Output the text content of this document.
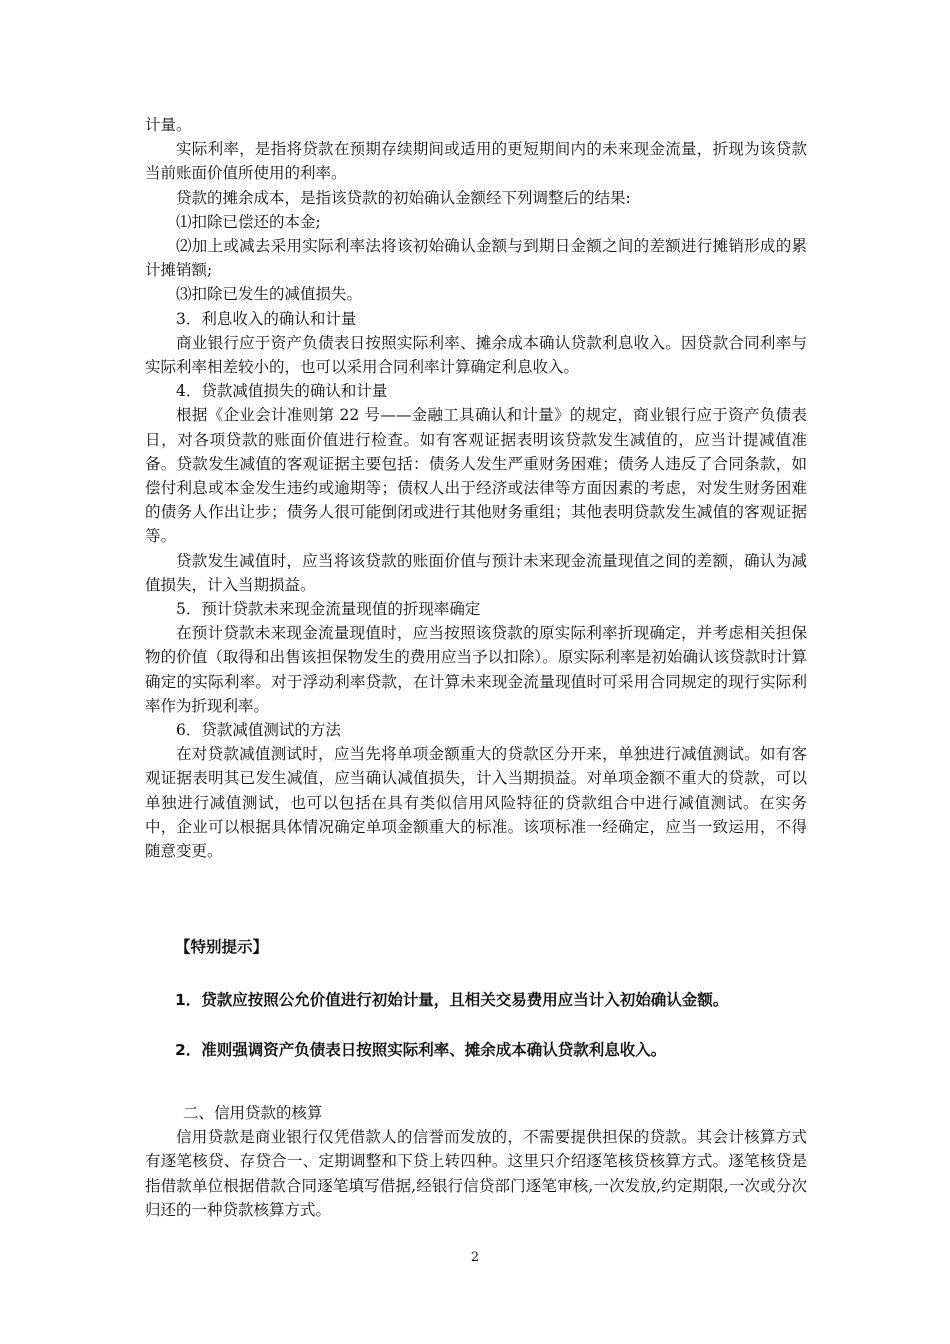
计量。

实际利率，是指将贷款在预期存续期间或适用的更短期间内的未来现金流量，折现为该贷款当前账面价值所使用的利率。

贷款的摊余成本，是指该贷款的初始确认金额经下列调整后的结果:

⑴扣除已偿还的本金;

⑵加上或减去采用实际利率法将该初始确认金额与到期日金额之间的差额进行摊销形成的累计摊销额;

⑶扣除已发生的减值损失。

3．利息收入的确认和计量

商业银行应于资产负债表日按照实际利率、摊余成本确认贷款利息收入。因贷款合同利率与实际利率相差较小的，也可以采用合同利率计算确定利息收入。

4．贷款减值损失的确认和计量

根据《企业会计准则第 22 号——金融工具确认和计量》的规定，商业银行应于资产负债表日，对各项贷款的账面价值进行检查。如有客观证据表明该贷款发生减值的，应当计提减值准备。贷款发生减值的客观证据主要包括：债务人发生严重财务困难；债务人违反了合同条款，如偿付利息或本金发生违约或逾期等；债权人出于经济或法律等方面因素的考虑，对发生财务困难的债务人作出让步；债务人很可能倒闭或进行其他财务重组；其他表明贷款发生减值的客观证据等。

贷款发生减值时，应当将该贷款的账面价值与预计未来现金流量现值之间的差额，确认为减值损失，计入当期损益。

5．预计贷款未来现金流量现值的折现率确定

在预计贷款未来现金流量现值时，应当按照该贷款的原实际利率折现确定，并考虑相关担保物的价值（取得和出售该担保物发生的费用应当予以扣除）。原实际利率是初始确认该贷款时计算确定的实际利率。对于浮动利率贷款，在计算未来现金流量现值时可采用合同规定的现行实际利率作为折现利率。

6．贷款减值测试的方法

在对贷款减值测试时，应当先将单项金额重大的贷款区分开来，单独进行减值测试。如有客观证据表明其已发生减值，应当确认减值损失，计入当期损益。对单项金额不重大的贷款，可以单独进行减值测试，也可以包括在具有类似信用风险特征的贷款组合中进行减值测试。在实务中，企业可以根据具体情况确定单项金额重大的标准。该项标准一经确定，应当一致运用，不得随意变更。

【特别提示】

1．贷款应按照公允价值进行初始计量，且相关交易费用应当计入初始确认金额。

2．准则强调资产负债表日按照实际利率、摊余成本确认贷款利息收入。

二、信用贷款的核算

信用贷款是商业银行仅凭借款人的信誉而发放的，不需要提供担保的贷款。其会计核算方式有逐笔核贷、存贷合一、定期调整和下贷上转四种。这里只介绍逐笔核贷核算方式。逐笔核贷是指借款单位根据借款合同逐笔填写借据,经银行信贷部门逐笔审核,一次发放,约定期限,一次或分次归还的一种贷款核算方式。

2
